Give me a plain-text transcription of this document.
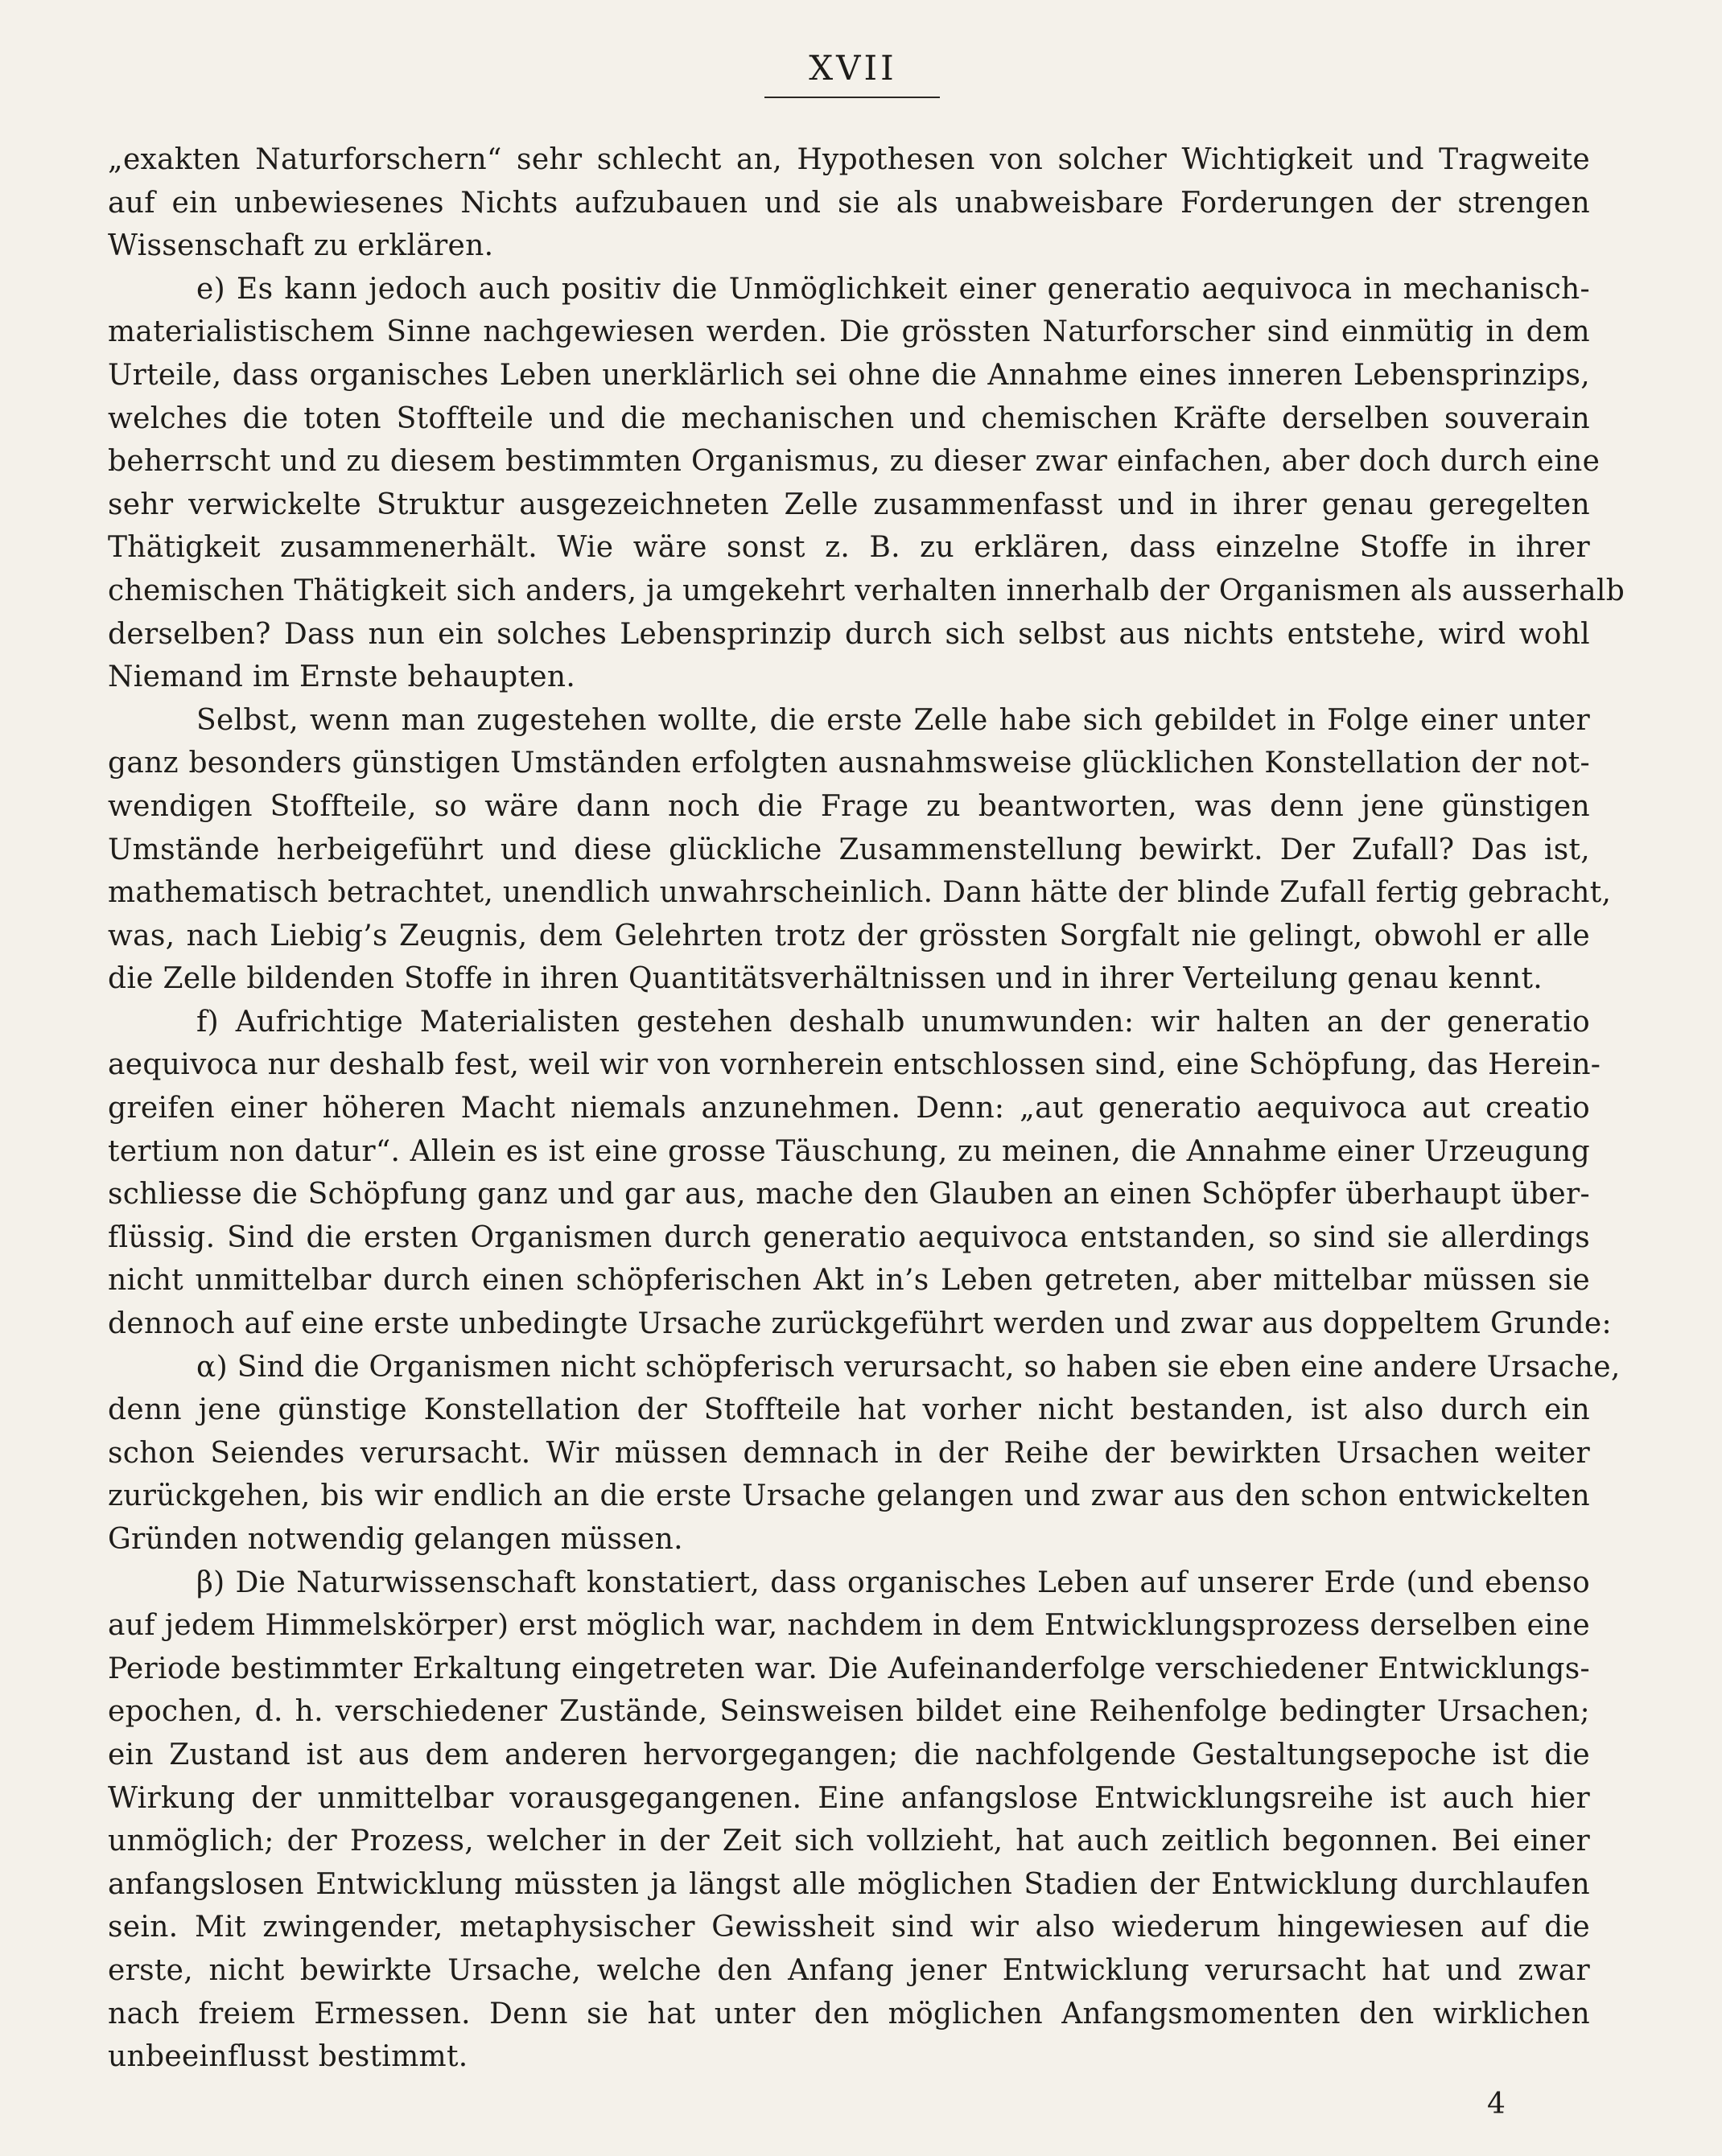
XVII
„exakten Naturforschern“ sehr schlecht an, Hypothesen von solcher Wichtigkeit und Tragweite
auf ein unbewiesenes Nichts aufzubauen und sie als unabweisbare Forderungen der strengen
Wissenschaft zu erklären.
e) Es kann jedoch auch positiv die Unmöglichkeit einer generatio aequivoca in mechanisch-
materialistischem Sinne nachgewiesen werden. Die grössten Naturforscher sind einmütig in dem
Urteile, dass organisches Leben unerklärlich sei ohne die Annahme eines inneren Lebensprinzips,
welches die toten Stoffteile und die mechanischen und chemischen Kräfte derselben souverain
beherrscht und zu diesem bestimmten Organismus, zu dieser zwar einfachen, aber doch durch eine
sehr verwickelte Struktur ausgezeichneten Zelle zusammenfasst und in ihrer genau geregelten
Thätigkeit zusammenerhält. Wie wäre sonst z. B. zu erklären, dass einzelne Stoffe in ihrer
chemischen Thätigkeit sich anders, ja umgekehrt verhalten innerhalb der Organismen als ausserhalb
derselben? Dass nun ein solches Lebensprinzip durch sich selbst aus nichts entstehe, wird wohl
Niemand im Ernste behaupten.
Selbst, wenn man zugestehen wollte, die erste Zelle habe sich gebildet in Folge einer unter
ganz besonders günstigen Umständen erfolgten ausnahmsweise glücklichen Konstellation der not-
wendigen Stoffteile, so wäre dann noch die Frage zu beantworten, was denn jene günstigen
Umstände herbeigeführt und diese glückliche Zusammenstellung bewirkt. Der Zufall? Das ist,
mathematisch betrachtet, unendlich unwahrscheinlich. Dann hätte der blinde Zufall fertig gebracht,
was, nach Liebig’s Zeugnis, dem Gelehrten trotz der grössten Sorgfalt nie gelingt, obwohl er alle
die Zelle bildenden Stoffe in ihren Quantitätsverhältnissen und in ihrer Verteilung genau kennt.
f) Aufrichtige Materialisten gestehen deshalb unumwunden: wir halten an der generatio
aequivoca nur deshalb fest, weil wir von vornherein entschlossen sind, eine Schöpfung, das Herein-
greifen einer höheren Macht niemals anzunehmen. Denn: „aut generatio aequivoca aut creatio
tertium non datur“. Allein es ist eine grosse Täuschung, zu meinen, die Annahme einer Urzeugung
schliesse die Schöpfung ganz und gar aus, mache den Glauben an einen Schöpfer überhaupt über-
flüssig. Sind die ersten Organismen durch generatio aequivoca entstanden, so sind sie allerdings
nicht unmittelbar durch einen schöpferischen Akt in’s Leben getreten, aber mittelbar müssen sie
dennoch auf eine erste unbedingte Ursache zurückgeführt werden und zwar aus doppeltem Grunde:
α) Sind die Organismen nicht schöpferisch verursacht, so haben sie eben eine andere Ursache,
denn jene günstige Konstellation der Stoffteile hat vorher nicht bestanden, ist also durch ein
schon Seiendes verursacht. Wir müssen demnach in der Reihe der bewirkten Ursachen weiter
zurückgehen, bis wir endlich an die erste Ursache gelangen und zwar aus den schon entwickelten
Gründen notwendig gelangen müssen.
β) Die Naturwissenschaft konstatiert, dass organisches Leben auf unserer Erde (und ebenso
auf jedem Himmelskörper) erst möglich war, nachdem in dem Entwicklungsprozess derselben eine
Periode bestimmter Erkaltung eingetreten war. Die Aufeinanderfolge verschiedener Entwicklungs-
epochen, d. h. verschiedener Zustände, Seinsweisen bildet eine Reihenfolge bedingter Ursachen;
ein Zustand ist aus dem anderen hervorgegangen; die nachfolgende Gestaltungsepoche ist die
Wirkung der unmittelbar vorausgegangenen. Eine anfangslose Entwicklungsreihe ist auch hier
unmöglich; der Prozess, welcher in der Zeit sich vollzieht, hat auch zeitlich begonnen. Bei einer
anfangslosen Entwicklung müssten ja längst alle möglichen Stadien der Entwicklung durchlaufen
sein. Mit zwingender, metaphysischer Gewissheit sind wir also wiederum hingewiesen auf die
erste, nicht bewirkte Ursache, welche den Anfang jener Entwicklung verursacht hat und zwar
nach freiem Ermessen. Denn sie hat unter den möglichen Anfangsmomenten den wirklichen
unbeeinflusst bestimmt.
4
